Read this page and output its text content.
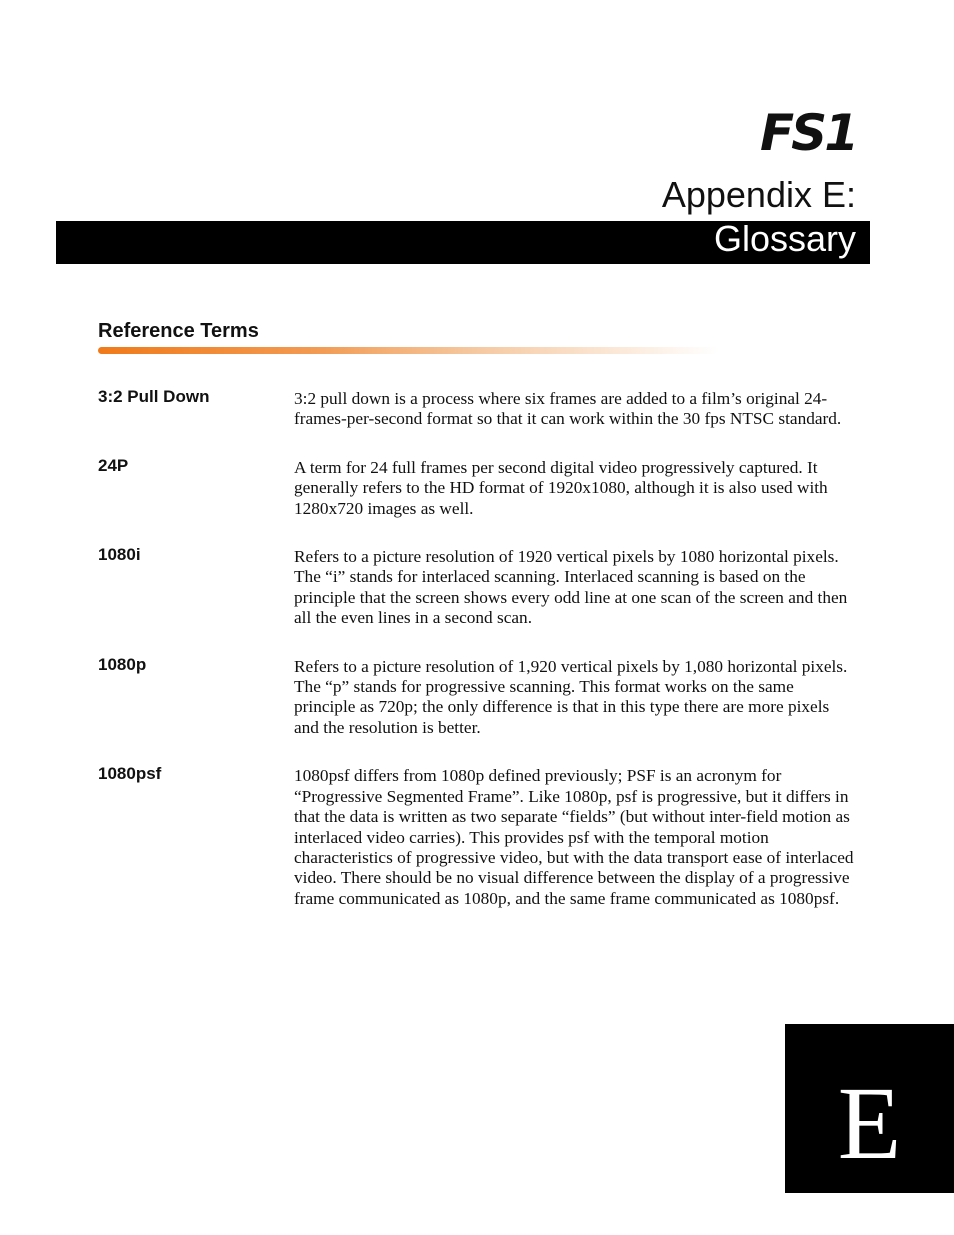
FS1
Appendix E:
Glossary
Reference Terms
3:2 Pull Down	3:2 pull down is a process where six frames are added to a film’s original 24-frames-per-second format so that it can work within the 30 fps NTSC standard.
24P	A term for 24 full frames per second digital video progressively captured. It generally refers to the HD format of 1920x1080, although it is also used with 1280x720 images as well.
1080i	Refers to a picture resolution of 1920 vertical pixels by 1080 horizontal pixels. The “i” stands for interlaced scanning. Interlaced scanning is based on the principle that the screen shows every odd line at one scan of the screen and then all the even lines in a second scan.
1080p	Refers to a picture resolution of 1,920 vertical pixels by 1,080 horizontal pixels. The “p” stands for progressive scanning. This format works on the same principle as 720p; the only difference is that in this type there are more pixels and the resolution is better.
1080psf	1080psf differs from 1080p defined previously; PSF is an acronym for “Progressive Segmented Frame”. Like 1080p, psf is progressive, but it differs in that the data is written as two separate “fields” (but without inter-field motion as interlaced video carries). This provides psf with the temporal motion characteristics of progressive video, but with the data transport ease of interlaced video. There should be no visual difference between the display of a progressive frame communicated as 1080p, and the same frame communicated as 1080psf.
E
